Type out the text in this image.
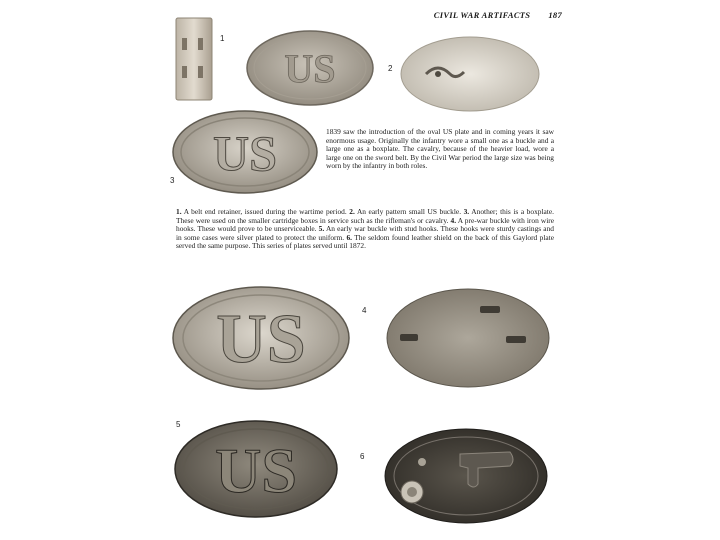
CIVIL WAR ARTIFACTS 187
1
US	2
US
3
1839 saw the introduction of the oval US plate and in coming years it saw enormous usage. Originally the infantry wore a small one as a buckle and a large one as a boxplate. The cavalry, because of the heavier load, wore a large one on the sword belt. By the Civil War period the large size was being worn by the infantry in both roles.
1. A belt end retainer, issued during the wartime period. 2. An early pattern small US buckle. 3. Another; this is a boxplate. These were used on the smaller cartridge boxes in service such as the rifleman's or cavalry. 4. A pre-war buckle with iron wire hooks. These would prove to be unserviceable. 5. An early war buckle with stud hooks. These hooks were sturdy castings and in some cases were silver plated to protect the uniform. 6. The seldom found leather shield on the back of this Gaylord plate served the same purpose. This series of plates served until 1872.
US	4
US
5
6
